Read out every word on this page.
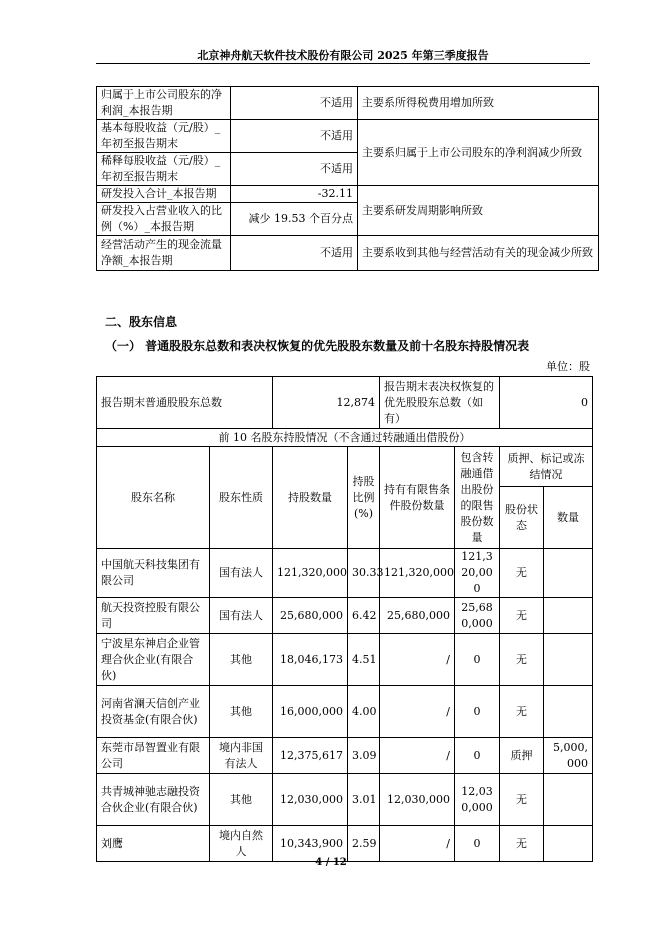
北京神舟航天软件技术股份有限公司 2025 年第三季度报告
归属于上市公司股东的净利润_本报告期	不适用	主要系所得税费用增加所致
基本每股收益（元/股）_年初至报告期末	不适用	主要系归属于上市公司股东的净利润减少所致
稀释每股收益（元/股）_年初至报告期末	不适用	
研发投入合计_本报告期	-32.11	主要系研发周期影响所致
研发投入占营业收入的比例（%）_本报告期	减少 19.53 个百分点	
经营活动产生的现金流量净额_本报告期	不适用	主要系收到其他与经营活动有关的现金减少所致
二、股东信息
（一） 普通股股东总数和表决权恢复的优先股股东数量及前十名股东持股情况表
单位：股
报告期末普通股股东总数		12,874		报告期末表决权恢复的优先股股东总数（如有）		0	
前 10 名股东持股情况（不含通过转融通出借股份）							
股东名称	股东性质	持股数量	持股比例(%)	持有有限售条件股份数量	包含转融通借出股份的限售股份数量	质押、标记或冻结情况	
						股份状态	数量
中国航天科技集团有限公司	国有法人	121,320,000	30.33	121,320,000	121,320,000	无	
航天投资控股有限公司	国有法人	25,680,000	6.42	25,680,000	25,680,000	无	
宁波星东神启企业管理合伙企业(有限合伙)	其他	18,046,173	4.51	/	0	无	
河南省澜天信创产业投资基金(有限合伙)	其他	16,000,000	4.00	/	0	无	
东莞市昂智置业有限公司	境内非国有法人	12,375,617	3.09	/	0	质押	5,000,000
共青城神驰志融投资合伙企业(有限合伙)	其他	12,030,000	3.01	12,030,000	12,030,000	无	
刘鹰	境内自然人	10,343,900	2.59	/	0	无	
4 / 12
